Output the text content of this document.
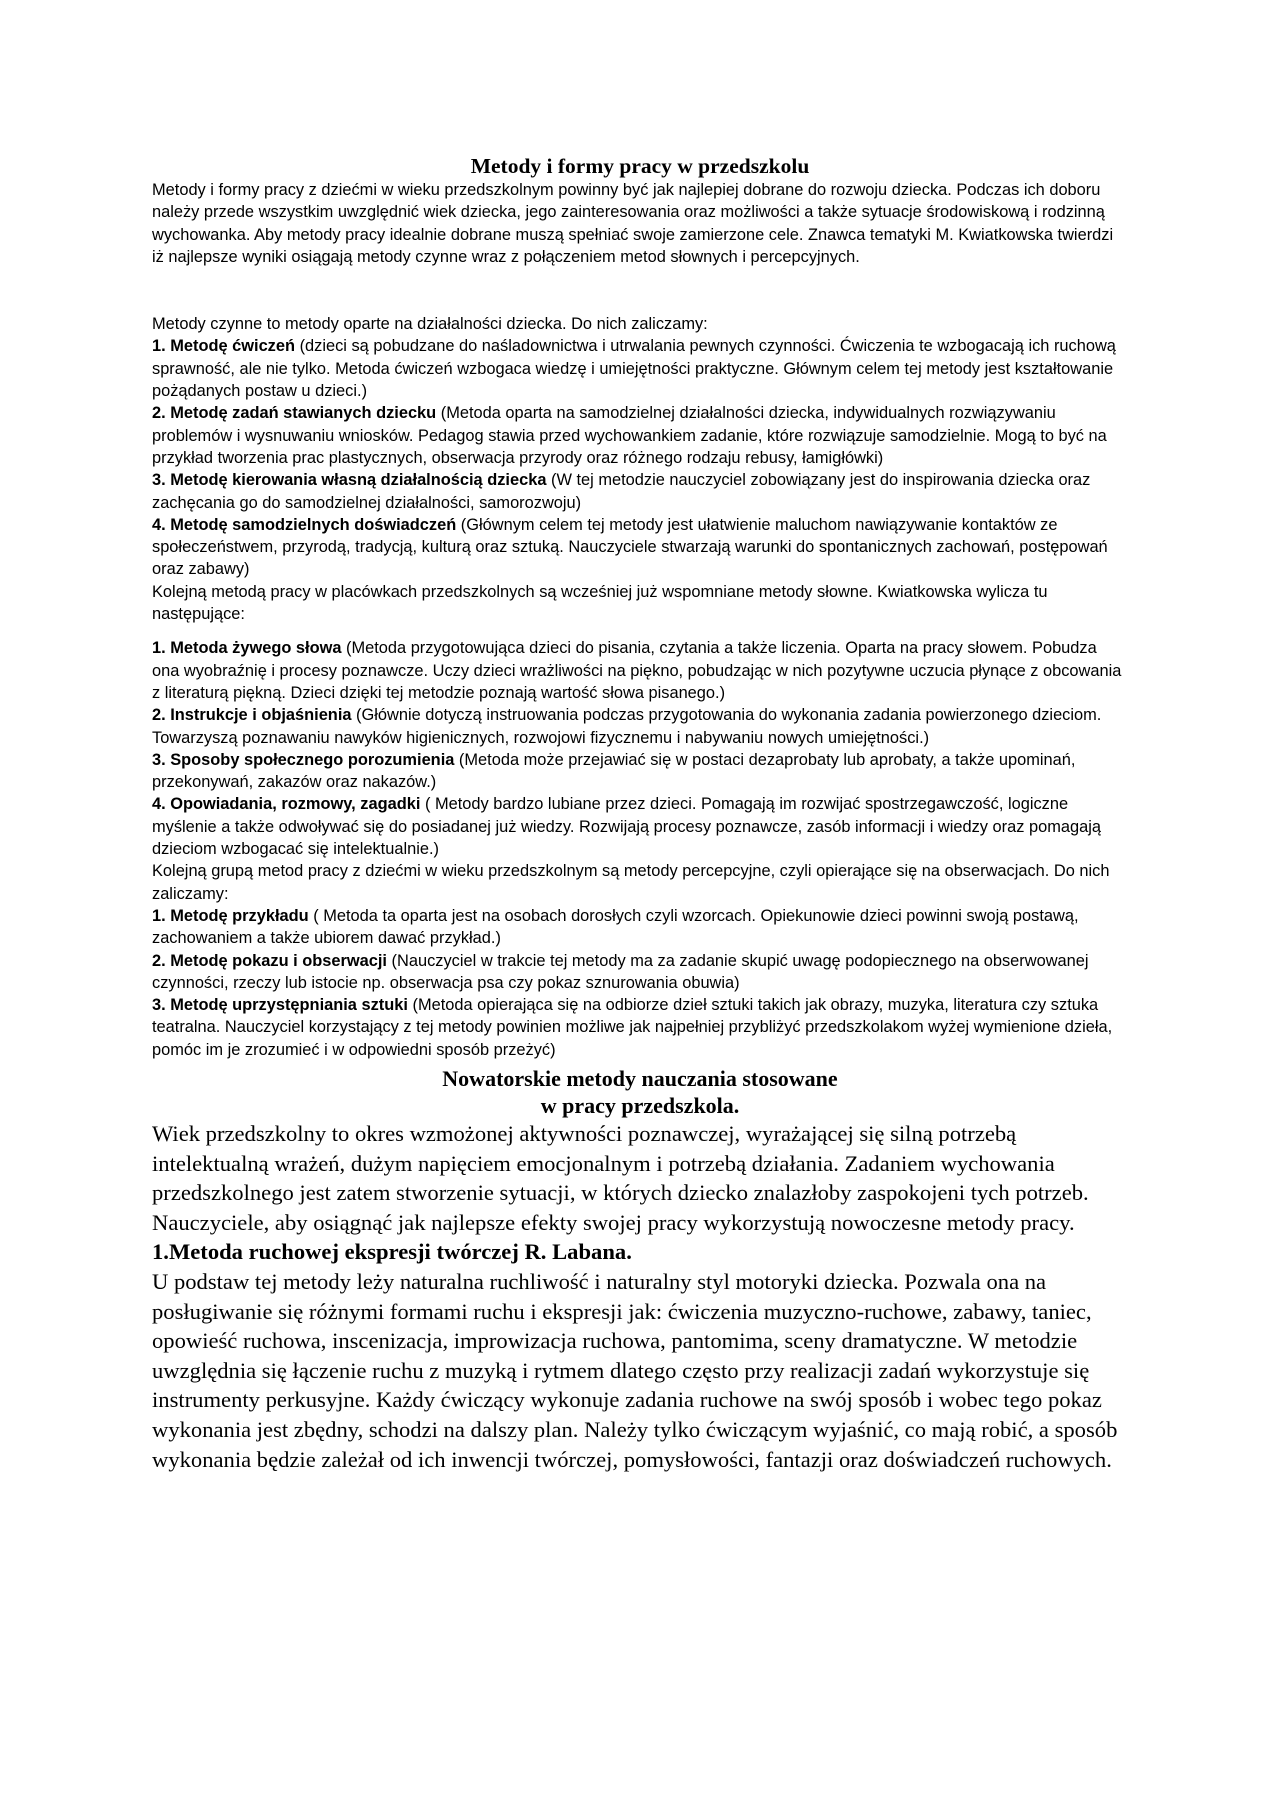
Metody i formy pracy w przedszkolu

Metody i formy pracy z dziećmi w wieku przedszkolnym powinny być jak najlepiej dobrane do rozwoju dziecka. Podczas ich doboru należy przede wszystkim uwzględnić wiek dziecka, jego zainteresowania oraz możliwości a także sytuacje środowiskową i rodzinną wychowanka. Aby metody pracy idealnie dobrane muszą spełniać swoje zamierzone cele. Znawca tematyki M. Kwiatkowska twierdzi iż najlepsze wyniki osiągają metody czynne wraz z połączeniem metod słownych i percepcyjnych.

Metody czynne to metody oparte na działalności dziecka. Do nich zaliczamy:

1. Metodę ćwiczeń (dzieci są pobudzane do naśladownictwa i utrwalania pewnych czynności. Ćwiczenia te wzbogacają ich ruchową sprawność, ale nie tylko. Metoda ćwiczeń wzbogaca wiedzę i umiejętności praktyczne. Głównym celem tej metody jest kształtowanie pożądanych postaw u dzieci.)

2. Metodę zadań stawianych dziecku (Metoda oparta na samodzielnej działalności dziecka, indywidualnych rozwiązywaniu problemów i wysnuwaniu wniosków. Pedagog stawia przed wychowankiem zadanie, które rozwiązuje samodzielnie. Mogą to być na przykład tworzenia prac plastycznych, obserwacja przyrody oraz różnego rodzaju rebusy, łamigłówki)

3. Metodę kierowania własną działalnością dziecka (W tej metodzie nauczyciel zobowiązany jest do inspirowania dziecka oraz zachęcania go do samodzielnej działalności, samorozwoju)

4. Metodę samodzielnych doświadczeń (Głównym celem tej metody jest ułatwienie maluchom nawiązywanie kontaktów ze społeczeństwem, przyrodą, tradycją, kulturą oraz sztuką. Nauczyciele stwarzają warunki do spontanicznych zachowań, postępowań oraz zabawy)

Kolejną metodą pracy w placówkach przedszkolnych są wcześniej już wspomniane metody słowne. Kwiatkowska wylicza tu następujące:

1. Metoda żywego słowa (Metoda przygotowująca dzieci do pisania, czytania a także liczenia. Oparta na pracy słowem. Pobudza ona wyobraźnię i procesy poznawcze. Uczy dzieci wrażliwości na piękno, pobudzając w nich pozytywne uczucia płynące z obcowania z literaturą piękną. Dzieci dzięki tej metodzie poznają wartość słowa pisanego.)

2. Instrukcje i objaśnienia (Głównie dotyczą instruowania podczas przygotowania do wykonania zadania powierzonego dzieciom. Towarzyszą poznawaniu nawyków higienicznych, rozwojowi fizycznemu i nabywaniu nowych umiejętności.)

3. Sposoby społecznego porozumienia (Metoda może przejawiać się w postaci dezaprobaty lub aprobaty, a także upominań, przekonywań, zakazów oraz nakazów.)

4. Opowiadania, rozmowy, zagadki ( Metody bardzo lubiane przez dzieci. Pomagają im rozwijać spostrzegawczość, logiczne myślenie a także odwoływać się do posiadanej już wiedzy. Rozwijają procesy poznawcze, zasób informacji i wiedzy oraz pomagają dzieciom wzbogacać się intelektualnie.)

Kolejną grupą metod pracy z dziećmi w wieku przedszkolnym są metody percepcyjne, czyli opierające się na obserwacjach. Do nich zaliczamy:

1. Metodę przykładu ( Metoda ta oparta jest na osobach dorosłych czyli wzorcach. Opiekunowie dzieci powinni swoją postawą, zachowaniem a także ubiorem dawać przykład.)

2. Metodę pokazu i obserwacji (Nauczyciel w trakcie tej metody ma za zadanie skupić uwagę podopiecznego na obserwowanej czynności, rzeczy lub istocie np. obserwacja psa czy pokaz sznurowania obuwia)

3. Metodę uprzystępniania sztuki (Metoda opierająca się na odbiorze dzieł sztuki takich jak obrazy, muzyka, literatura czy sztuka teatralna. Nauczyciel korzystający z tej metody powinien możliwe jak najpełniej przybliżyć przedszkolakom wyżej wymienione dzieła, pomóc im je zrozumieć i w odpowiedni sposób przeżyć)

Nowatorskie metody nauczania stosowane
w pracy przedszkola.

Wiek przedszkolny to okres wzmożonej aktywności poznawczej, wyrażającej się silną potrzebą intelektualną wrażeń, dużym napięciem emocjonalnym i potrzebą działania. Zadaniem wychowania przedszkolnego jest zatem stworzenie sytuacji, w których dziecko znalazłoby zaspokojeni tych potrzeb. Nauczyciele, aby osiągnąć jak najlepsze efekty swojej pracy wykorzystują nowoczesne metody pracy.

1.Metoda ruchowej ekspresji twórczej R. Labana.

U podstaw tej metody leży naturalna ruchliwość i naturalny styl motoryki dziecka. Pozwala ona na posługiwanie się różnymi formami ruchu i ekspresji jak: ćwiczenia muzyczno-ruchowe, zabawy, taniec, opowieść ruchowa, inscenizacja, improwizacja ruchowa, pantomima, sceny dramatyczne. W metodzie uwzględnia się łączenie ruchu z muzyką i rytmem dlatego często przy realizacji zadań wykorzystuje się instrumenty perkusyjne. Każdy ćwiczący wykonuje zadania ruchowe na swój sposób i wobec tego pokaz wykonania jest zbędny, schodzi na dalszy plan. Należy tylko ćwiczącym wyjaśnić, co mają robić, a sposób wykonania będzie zależał od ich inwencji twórczej, pomysłowości, fantazji oraz doświadczeń ruchowych.
